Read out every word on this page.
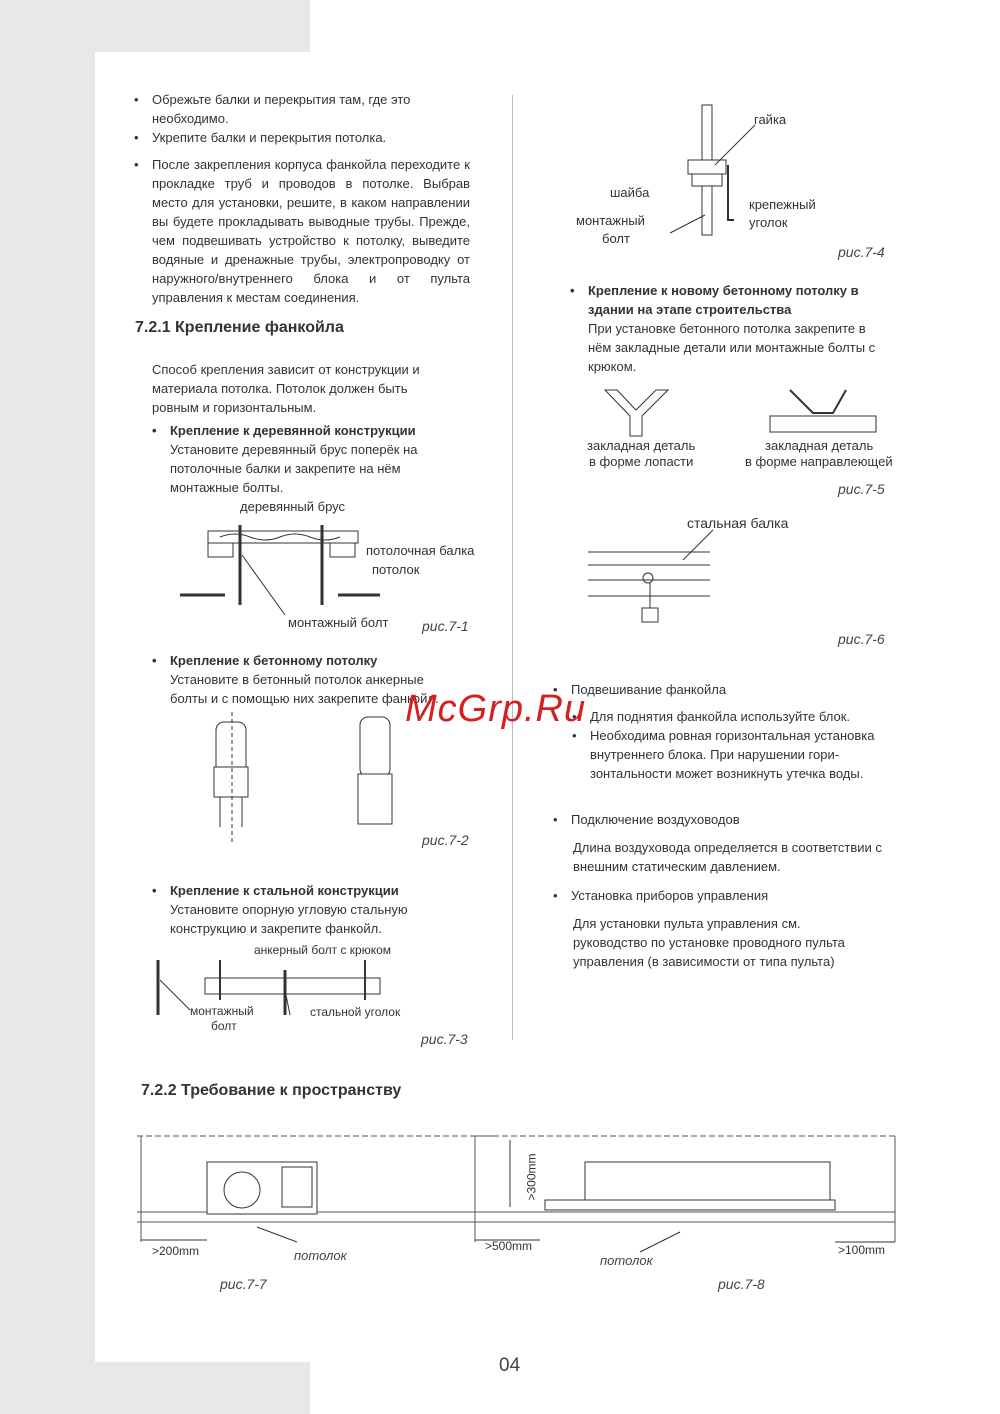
• Обрежьте балки и перекрытия там, где это необходимо.
• Укрепите балки и перекрытия потолка.
• После закрепления корпуса фанкойла переходите к прокладке труб и проводов в потолке. Выбрав место для установки, решите, в каком направлении вы будете прокладывать выводные трубы. Прежде, чем подвешивать устройство к потолку, выведите водяные и дренажные трубы, электропроводку от наружного/внутреннего блока и от пульта управления к местам соединения.
7.2.1 Крепление фанкойла
Способ крепления зависит от конструкции и материала потолка. Потолок должен быть ровным и горизонтальным.
• Крепление к деревянной конструкции
Установите деревянный брус поперёк на потолочные балки и закрепите на нём монтажные болты.
деревянный брус
потолочная балка
потолок
монтажный болт рис.7-1
• Крепление к бетонному потолку
Установите в бетонный потолок анкерные болты и с помощью них закрепите фанкойл.
рис.7-2
• Крепление к стальной конструкции
Установите опорную угловую стальную конструкцию и закрепите фанкойл.
анкерный болт с крюком
монтажный
болт
стальной уголок
рис.7-3
гайка
шайба
монтажный
болт
крепежный
уголок
рис.7-4
• Крепление к новому бетонному потолку в здании на этапе строительства
При установке бетонного потолка закрепите в нём закладные детали или монтажные болты с крюком.
закладная деталь
в форме лопасти
закладная деталь
в форме направлеющей
рис.7-5
стальная балка
рис.7-6
• Подвешивание фанкойла
• Для поднятия фанкойла используйте блок.
• Необходима ровная горизонтальная установка внутреннего блока. При нарушении гори-зонтальности может возникнуть утечка воды.
• Подключение воздуховодов
Длина воздуховода определяется в соответствии с внешним статическим давлением.
• Установка приборов управления
Для установки пульта управления см. руководство по установке проводного пульта управления (в зависимости от типа пульта)
McGrp.Ru
7.2.2 Требование к пространству
>200mm	потолок
рис.7-7
>300mm
>500mm	>100mm
потолок
рис.7-8
04
